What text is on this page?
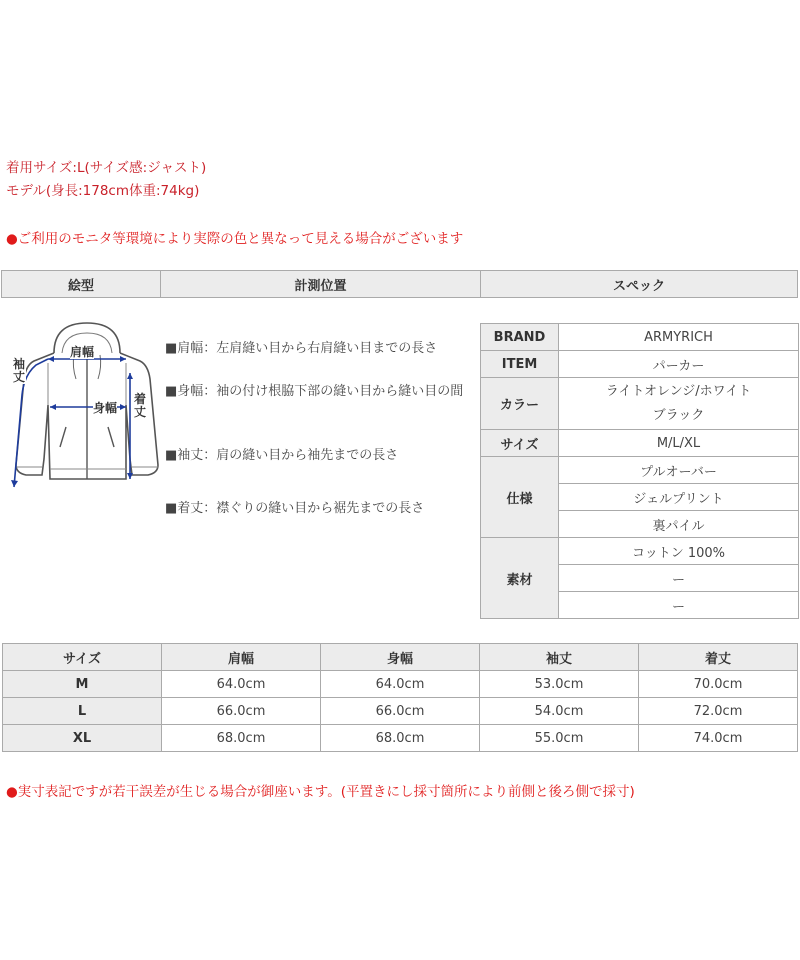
着用サイズ:L(サイズ感:ジャスト)
モデル(身長:178cm体重:74kg)
●ご利用のモニタ等環境により実際の色と異なって見える場合がございます
絵型	計測位置	スペック
肩幅
身幅
袖 丈
着 丈
■肩幅：左肩縫い目から右肩縫い目までの長さ
■身幅：袖の付け根脇下部の縫い目から縫い目の間
■袖丈：肩の縫い目から袖先までの長さ
■着丈：襟ぐりの縫い目から裾先までの長さ
BRAND	ARMYRICH
ITEM	パーカー
カラー	ライトオレンジ/ホワイト
ブラック

サイズ	M/L/XL
仕様	プルオーバー
	ジェルプリント
	裏パイル
素材	コットン 100%
	ー
	ー
サイズ	肩幅	身幅	袖丈	着丈
M	64.0cm	64.0cm	53.0cm	70.0cm
L	66.0cm	66.0cm	54.0cm	72.0cm
XL	68.0cm	68.0cm	55.0cm	74.0cm
●実寸表記ですが若干誤差が生じる場合が御座います。(平置きにし採寸箇所により前側と後ろ側で採寸)
